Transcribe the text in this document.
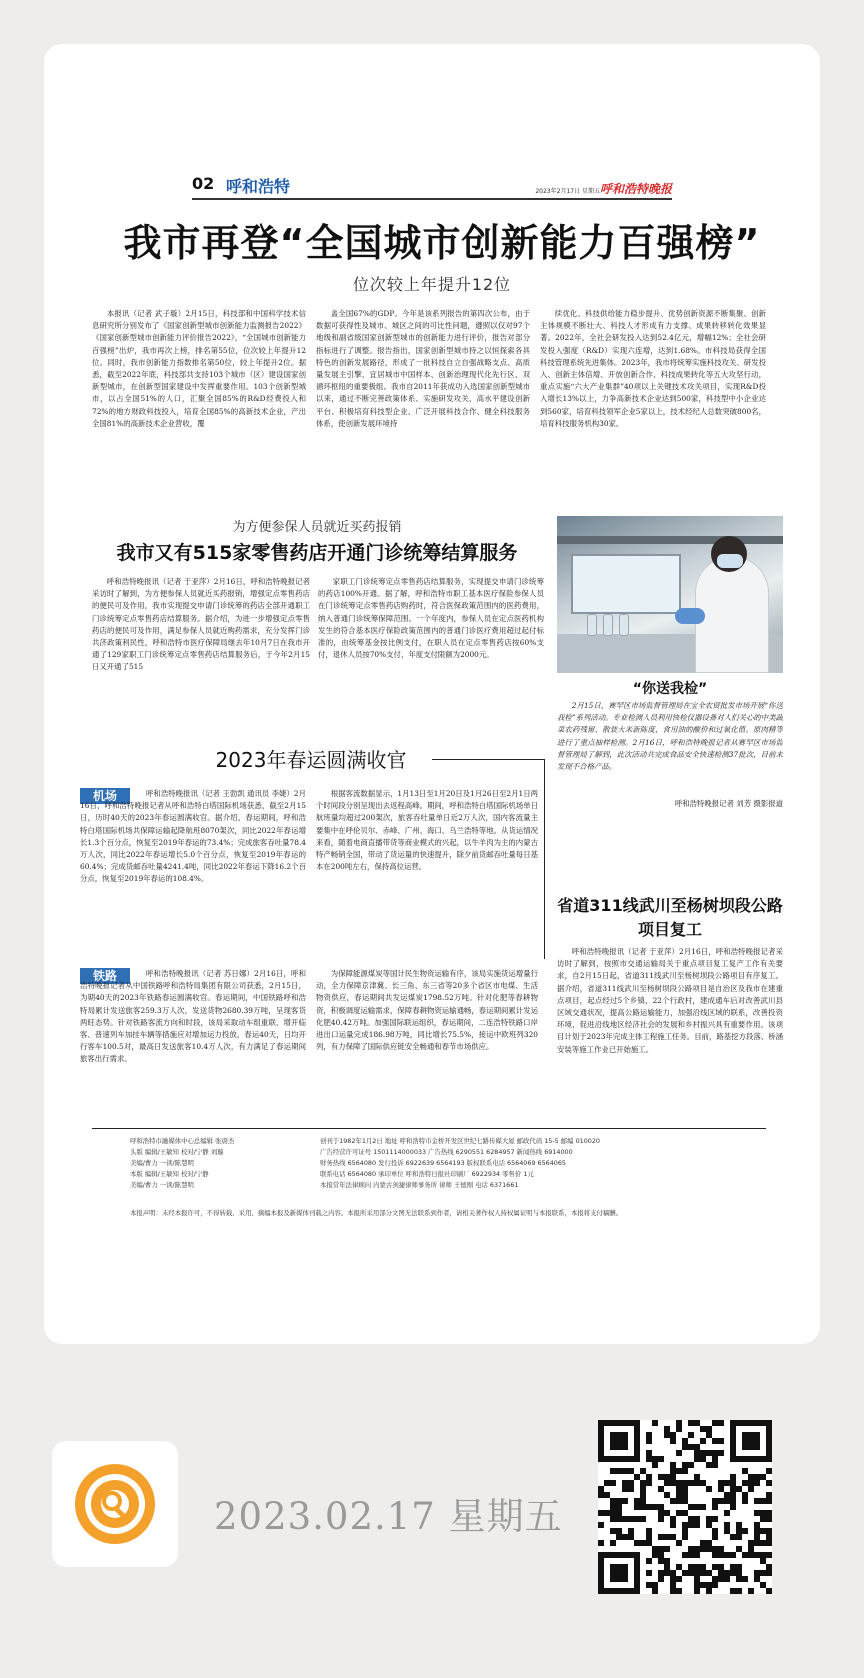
02 呼和浩特	2023年2月17日 星期五 呼和浩特晚报
我市再登“全国城市创新能力百强榜”
位次较上年提升12位
本报讯（记者 武子璇）2月15日，科技部和中国科学技术信息研究所分别发布了《国家创新型城市创新能力监测报告2022》《国家创新型城市创新能力评价报告2022》，“全国城市创新能力百强榜”出炉，我市再次上榜，排名第55位，位次较上年提升12位。同时，我市创新能力指数排名第50位，较上年提升2位。据悉，截至2022年底，科技部共支持103个城市（区）建设国家创新型城市，在创新型国家建设中发挥重要作用。103个创新型城市，以占全国51%的人口，汇聚全国85%的R&D经费投入和72%的地方财政科技投入，培育全国85%的高新技术企业，产出全国81%的高新技术企业营收，覆
盖全国67%的GDP。今年是该系列报告的第四次公布，由于数据可获得性及城市、城区之间的可比性问题，遵照以仅对97个地级和副省级国家创新型城市的创新能力进行评价，报告对部分指标进行了调整。报告指出，国家创新型城市持之以恒探索各具特色的创新发展路径，形成了一批科技自立自强战略支点、高质量发展主引擎、宜居城市中国样本、创新治理现代化先行区、双循环枢纽的重要极组。我市自2011年获成功入选国家创新型城市以来，通过不断完善政策体系、实施研发攻关、高水平建设创新平台、积极培育科技型企业、广泛开展科技合作、健全科技服务体系，使创新发展环境持
续优化、科技供给能力稳步提升、优势创新资源不断集聚、创新主体规模不断壮大、科技人才形成有力支撑、成果转移转化效果显著。2022年，全社会研发投入达到52.4亿元，增幅12%；全社会研发投入强度（R&D）实现六连增，达到1.68%。市科技局获得全国科技管理系统先进集体。2023年，我市将统筹实施科技攻关、研发投入、创新主体倍增、开放创新合作、科技成果转化等五大攻坚行动，重点实施“六大产业集群”40项以上关键技术攻关项目，实现R&D投入增长13%以上，力争高新技术企业达到500家，科技型中小企业达到560家，培育科技领军企业5家以上，技术经纪人总数突破800名，培育科技服务机构30家。
为方便参保人员就近买药报销
我市又有515家零售药店开通门诊统筹结算服务
呼和浩特晚报讯（记者 于亚萍）2月16日，呼和浩特晚报记者采访时了解到，为方便参保人员就近买药报销，增强定点零售药店的便民可及作用，我市实现提交申请门诊统筹的药店全部开通职工门诊统筹定点零售药店结算服务。据介绍，为进一步增强定点零售药店的便民可及作用，满足参保人员就近购药需求，充分发挥门诊共济政策利民性，呼和浩特市医疗保障局继去年10月7日在我市开通了129家职工门诊统筹定点零售药店结算服务后，于今年2月15日又开通了515
家职工门诊统筹定点零售药店结算服务，实现提交申请门诊统筹的药店100%开通。据了解，呼和浩特市职工基本医疗保险参保人员在门诊统筹定点零售药店购药时，符合医保政策范围内的医药费用，纳入普通门诊统筹保障范围。一个年度内，参保人员在定点医药机构发生的符合基本医疗保险政策范围内的普通门诊医疗费用超过起付标准的，由统筹基金按比例支付，在职人员在定点零售药店按60%支付，退休人员按70%支付，年度支付限额为2000元。
“你送我检”
2月15日，赛罕区市场监督管理局在宝全农贸批发市场开展“你送我检”系列活动。专业检测人员利用快检仪器设备对人们关心的中类蔬菜农药残留、散装大米新陈度、食用油的酸价和过氧化值、原肉精等进行了重点抽样检测。2月16日，呼和浩特晚报记者从赛罕区市场监督管理局了解到，此次活动共完成食品安全快速检测37批次，目前未发现不合格产品。
呼和浩特晚报记者 刘芳 摄影报道
2023年春运圆满收官
机场	呼和浩特晚报讯（记者 王勃凯 通讯员 李婕）2月16日，呼和浩特晚报记者从呼和浩特白塔国际机场获悉，截至2月15日，历时40天的2023年春运圆满收官。据介绍，春运期间，呼和浩特白塔国际机场共保障运输起降航班8070架次，同比2022年春运增长1.3个百分点，恢复至2019年春运的73.4%；完成旅客吞吐量78.4万人次，同比2022年春运增长5.0个百分点，恢复至2019年春运的60.4%；完成货邮吞吐量4241.4吨，同比2022年春运下降16.2个百分点，恢复至2019年春运的108.4%。
根据客流数据显示，1月13日至1月20日及1月26日至2月1日两个时间段分别呈现出去返程高峰。期间，呼和浩特白塔国际机场单日航班量均超过200架次，旅客吞吐量单日近2万人次，国内客流量主要集中在呼伦贝尔、赤峰、广州、海口、乌兰浩特等地。从货运情况来看，随着电商直播带货等商业模式的兴起，以牛羊肉为主的内蒙古特产畅销全国，带动了货运量的快速提升，除夕前货邮吞吐量每日基本在200吨左右，保持高位运营。
铁路	呼和浩特晚报讯（记者 苏日娜）2月16日，呼和浩特晚报记者从中国铁路呼和浩特局集团有限公司获悉，2月15日，为期40天的2023年铁路春运圆满收官。春运期间，中国铁路呼和浩特局累计发送旅客259.3万人次，发送货物2680.39万吨，呈现客货两旺态势。针对铁路客流方向和时段，该局采取动车组重联、增开临客、普速列车加挂车辆等措施应对增加运力投放，春运40天，日均开行客车100.5对，最高日发送旅客10.4万人次，有力满足了春运期间旅客出行需求。
为保障能源煤炭等国计民生物资运输有序，该局实施货运增量行动，全力保障京津冀、长三角、东三省等20多个省区市电煤、生活物资供应，春运期间共发运煤炭1798.52万吨。针对化肥等春耕物资，积极调度运输需求，保障春耕物资运输通畅，春运期间累计发运化肥40.42万吨。加强国际联运组织，春运期间，二连浩特铁路口岸进出口运量完成186.98万吨，同比增长75.5%，接运中欧班列320列，有力保障了国际供应链安全畅通和春节市场供应。
省道311线武川至杨树坝段公路项目复工
呼和浩特晚报讯（记者 于亚萍）2月16日，呼和浩特晚报记者采访时了解到，按照市交通运输局关于重点项目复工复产工作有关要求，自2月15日起，省道311线武川至杨树坝段公路项目有序复工。据介绍，省道311线武川至杨树坝段公路项目是自治区及我市在建重点项目，起点经过5个乡镇，22个行政村，建成通车后对改善武川县区域交通状况，提高公路运输能力，加强沿线区域的联系，改善投资环境，促进沿线地区经济社会的发展和乡村振兴具有重要作用。该项目计划于2023年完成主体工程施工任务。目前，路基挖方段落、桥涵安装等施工作业已开始施工。
呼和浩特市融媒体中心总编辑 张唐杰
头版 编辑/王敏知 校对/宁静 刘璇
美编/曹力 一读/陈慧明
本版 编辑/王敏知 校对/宁静
美编/曹力 一读/陈慧明
创刊于1982年1月2日 地址 呼和浩特市金桥开发区世纪七路传媒大厦 邮政代码 15-5 邮编 010020
广告经营许可证号 1501114000033 广告热线 6290551 6284957 新闻热线 6914000
财务热线 6564080 发行投诉 6922639 6564193 版权联系电话 6564069 6564065
联系电话 6564080 承印单位 呼和浩特日报社印刷厂 6922934 零售价 1元
本报常年法律顾问 内蒙古剑捷律师事务所 律师 王德刚 电话 6371661
本报声明：未经本报许可，不得转载、采用、摘编本报及新媒体刊载之内容。本报所采用部分文图无法联系到作者，请相关著作权人持权属证明与本报联系，本报将支付稿酬。
2023.02.17 星期五
